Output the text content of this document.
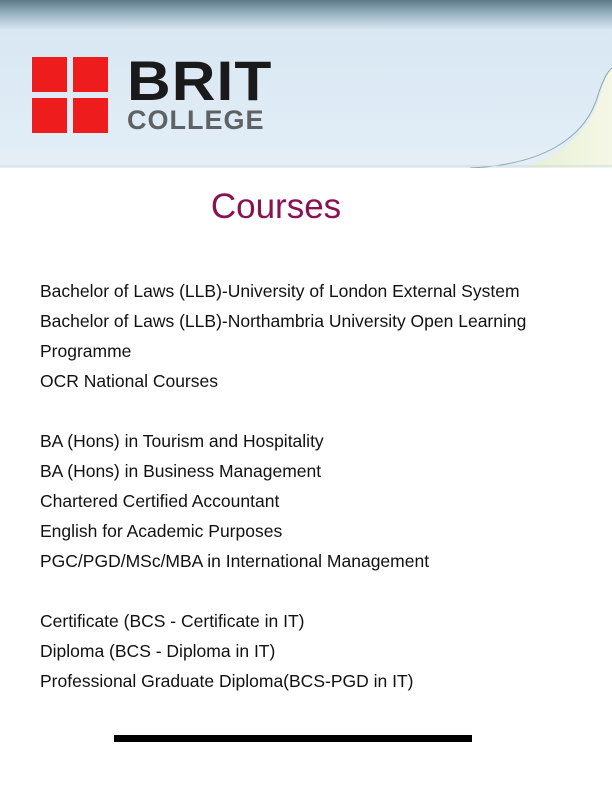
BRIT
COLLEGE
Courses
Bachelor of Laws (LLB)-University of London External System
Bachelor of Laws (LLB)-Northambria University Open Learning Programme
OCR National Courses
BA (Hons) in Tourism and Hospitality
BA (Hons) in Business Management
Chartered Certified Accountant
English for Academic Purposes
PGC/PGD/MSc/MBA in International Management
Certificate (BCS - Certificate in IT)
Diploma (BCS - Diploma in IT)
Professional Graduate Diploma(BCS-PGD in IT)
